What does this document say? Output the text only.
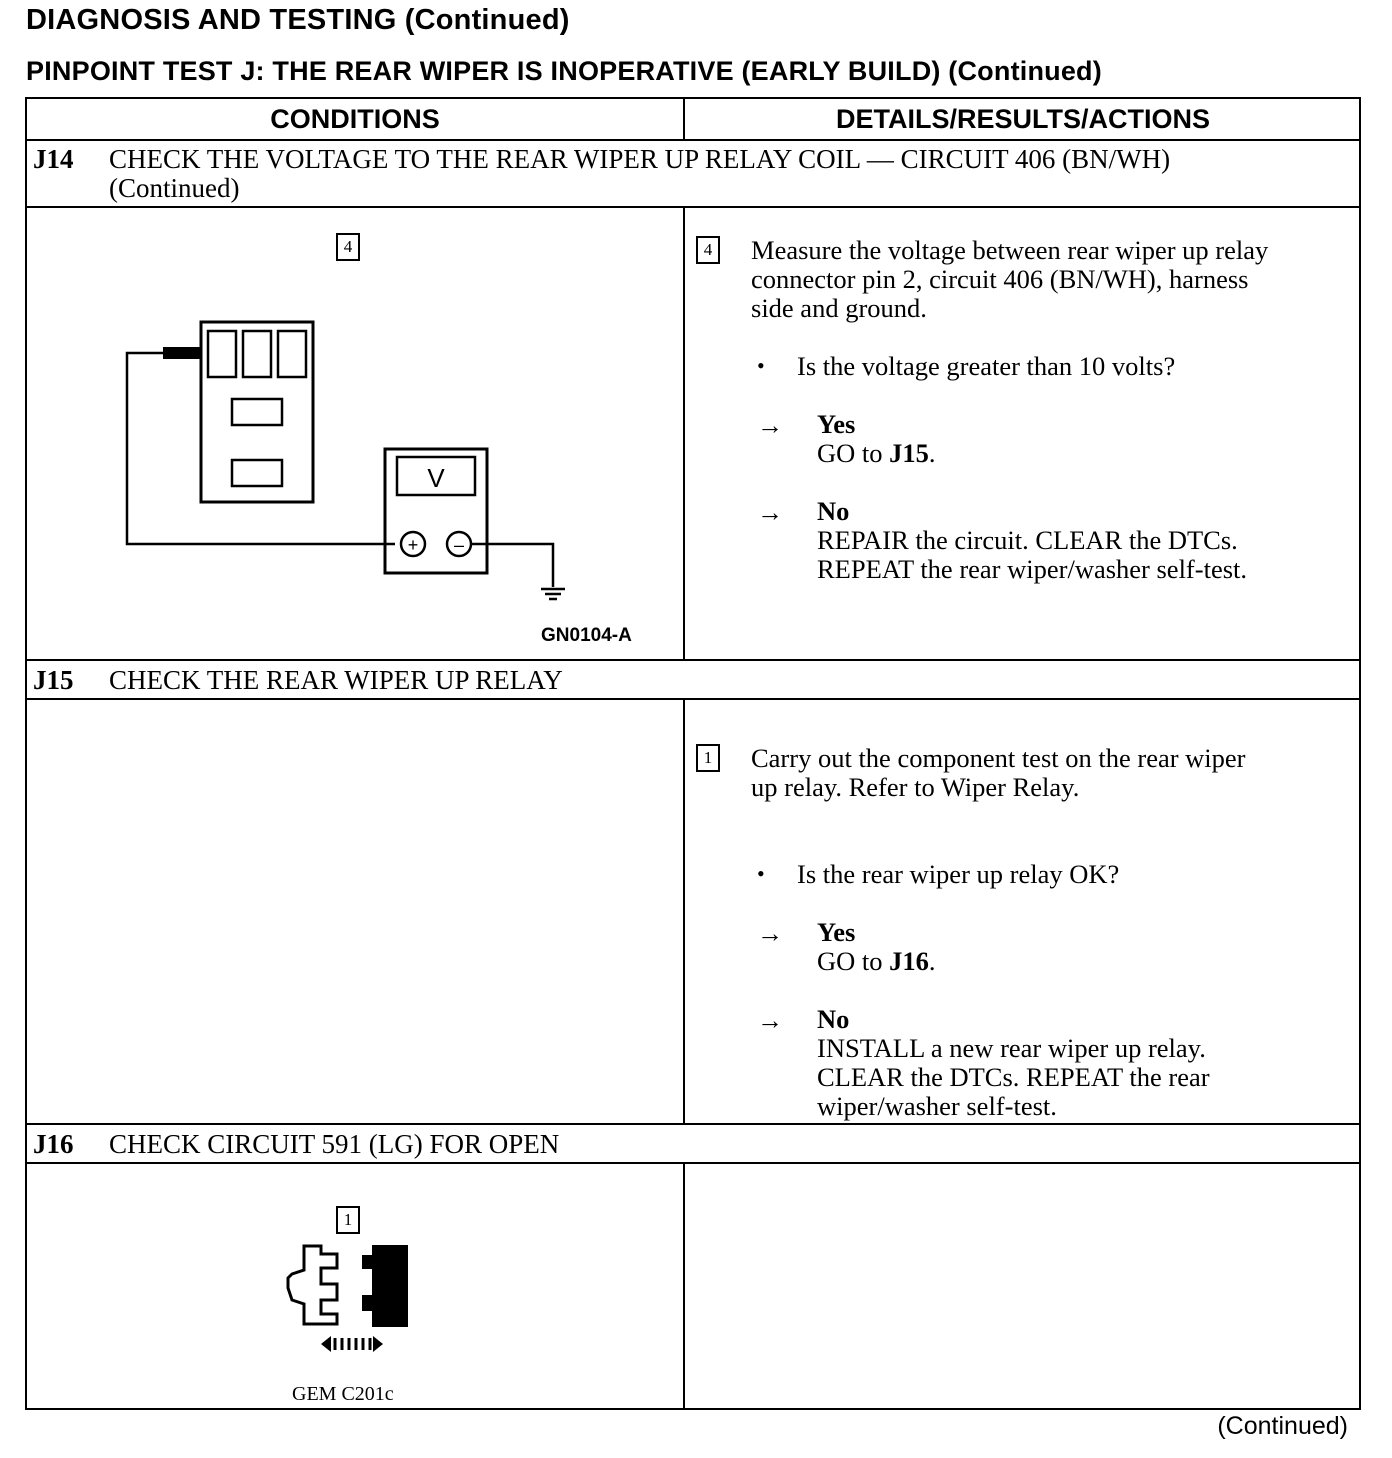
DIAGNOSIS AND TESTING (Continued)
PINPOINT TEST J: THE REAR WIPER IS INOPERATIVE (EARLY BUILD) (Continued)
CONDITIONS	DETAILS/RESULTS/ACTIONS
J14 CHECK THE VOLTAGE TO THE REAR WIPER UP RELAY COIL — CIRCUIT 406 (BN/WH)
(Continued)
4
V
+ –
GN0104-A
4 Measure the voltage between rear wiper up relay
connector pin 2, circuit 406 (BN/WH), harness
side and ground.
• Is the voltage greater than 10 volts?
→ Yes
GO to J15.
→ No
REPAIR the circuit. CLEAR the DTCs.
REPEAT the rear wiper/washer self-test.
J15 CHECK THE REAR WIPER UP RELAY
1 Carry out the component test on the rear wiper
up relay. Refer to Wiper Relay.
• Is the rear wiper up relay OK?
→ Yes
GO to J16.
→ No
INSTALL a new rear wiper up relay.
CLEAR the DTCs. REPEAT the rear
wiper/washer self-test.
J16 CHECK CIRCUIT 591 (LG) FOR OPEN
1
GEM C201c
(Continued)
